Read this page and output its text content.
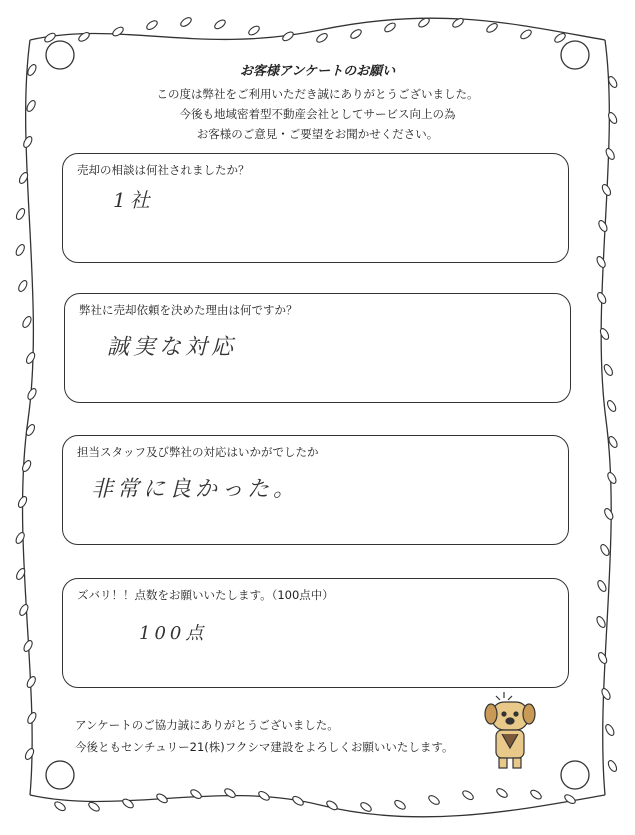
お客様アンケートのお願い
この度は弊社をご利用いただき誠にありがとうございました。
今後も地域密着型不動産会社としてサービス向上の為
お客様のご意見・ご要望をお聞かせください。
売却の相談は何社されましたか？
1社
弊社に売却依頼を決めた理由は何ですか？
誠実な対応
担当スタッフ及び弊社の対応はいかがでしたか
非常に良かった。
ズバリ！！点数をお願いいたします。（100点中）
100点
アンケートのご協力誠にありがとうございました。
今後ともセンチュリー21(株)フクシマ建設をよろしくお願いいたします。
